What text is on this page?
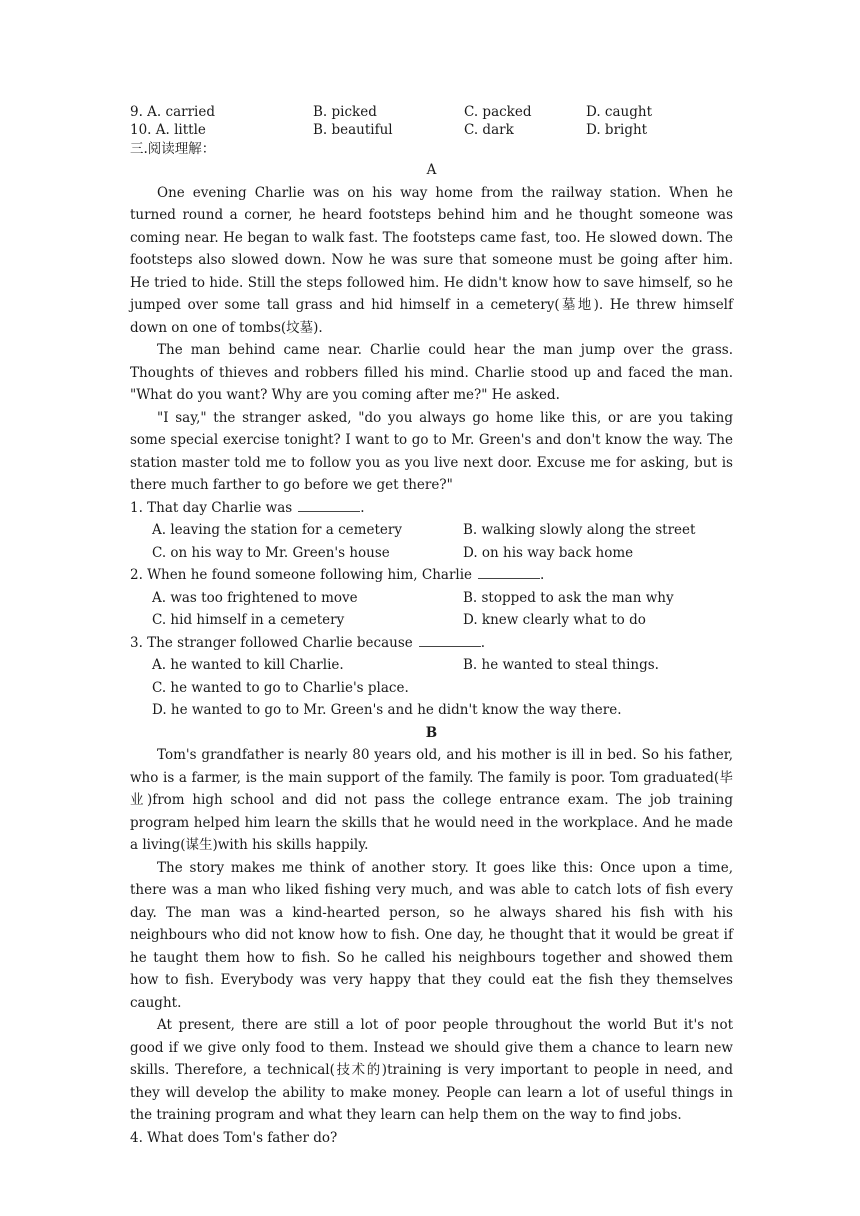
9. A. carried	B. picked	C. packed	D. caught
10. A. little	B. beautiful	C. dark	D. bright
三.阅读理解：
A

One evening Charlie was on his way home from the railway station. When he turned round a corner, he heard footsteps behind him and he thought someone was coming near. He began to walk fast. The footsteps came fast, too. He slowed down. The footsteps also slowed down. Now he was sure that someone must be going after him. He tried to hide. Still the steps followed him. He didn't know how to save himself, so he jumped over some tall grass and hid himself in a cemetery(墓地). He threw himself down on one of tombs(坟墓).

The man behind came near. Charlie could hear the man jump over the grass. Thoughts of thieves and robbers filled his mind. Charlie stood up and faced the man. "What do you want? Why are you coming after me?" He asked.

"I say," the stranger asked, "do you always go home like this, or are you taking some special exercise tonight? I want to go to Mr. Green's and don't know the way. The station master told me to follow you as you live next door. Excuse me for asking, but is there much farther to go before we get there?"

1. That day Charlie was	.
A. leaving the station for a cemetery	B. walking slowly along the street
C. on his way to Mr. Green's house	D. on his way back home
2. When he found someone following him, Charlie	.
A. was too frightened to move	B. stopped to ask the man why
C. hid himself in a cemetery	D. knew clearly what to do
3. The stranger followed Charlie because	.
A. he wanted to kill Charlie.	B. he wanted to steal things.
C. he wanted to go to Charlie's place.
D. he wanted to go to Mr. Green's and he didn't know the way there.
B

Tom's grandfather is nearly 80 years old, and his mother is ill in bed. So his father, who is a farmer, is the main support of the family. The family is poor. Tom graduated(毕业)from high school and did not pass the college entrance exam. The job training program helped him learn the skills that he would need in the workplace. And he made a living(谋生)with his skills happily.

The story makes me think of another story. It goes like this: Once upon a time, there was a man who liked fishing very much, and was able to catch lots of fish every day. The man was a kind-hearted person, so he always shared his fish with his neighbours who did not know how to fish. One day, he thought that it would be great if he taught them how to fish. So he called his neighbours together and showed them how to fish. Everybody was very happy that they could eat the fish they themselves caught.

At present, there are still a lot of poor people throughout the world But it's not good if we give only food to them. Instead we should give them a chance to learn new skills. Therefore, a technical(技术的)training is very important to people in need, and they will develop the ability to make money. People can learn a lot of useful things in the training program and what they learn can help them on the way to find jobs.

4. What does Tom's father do?
